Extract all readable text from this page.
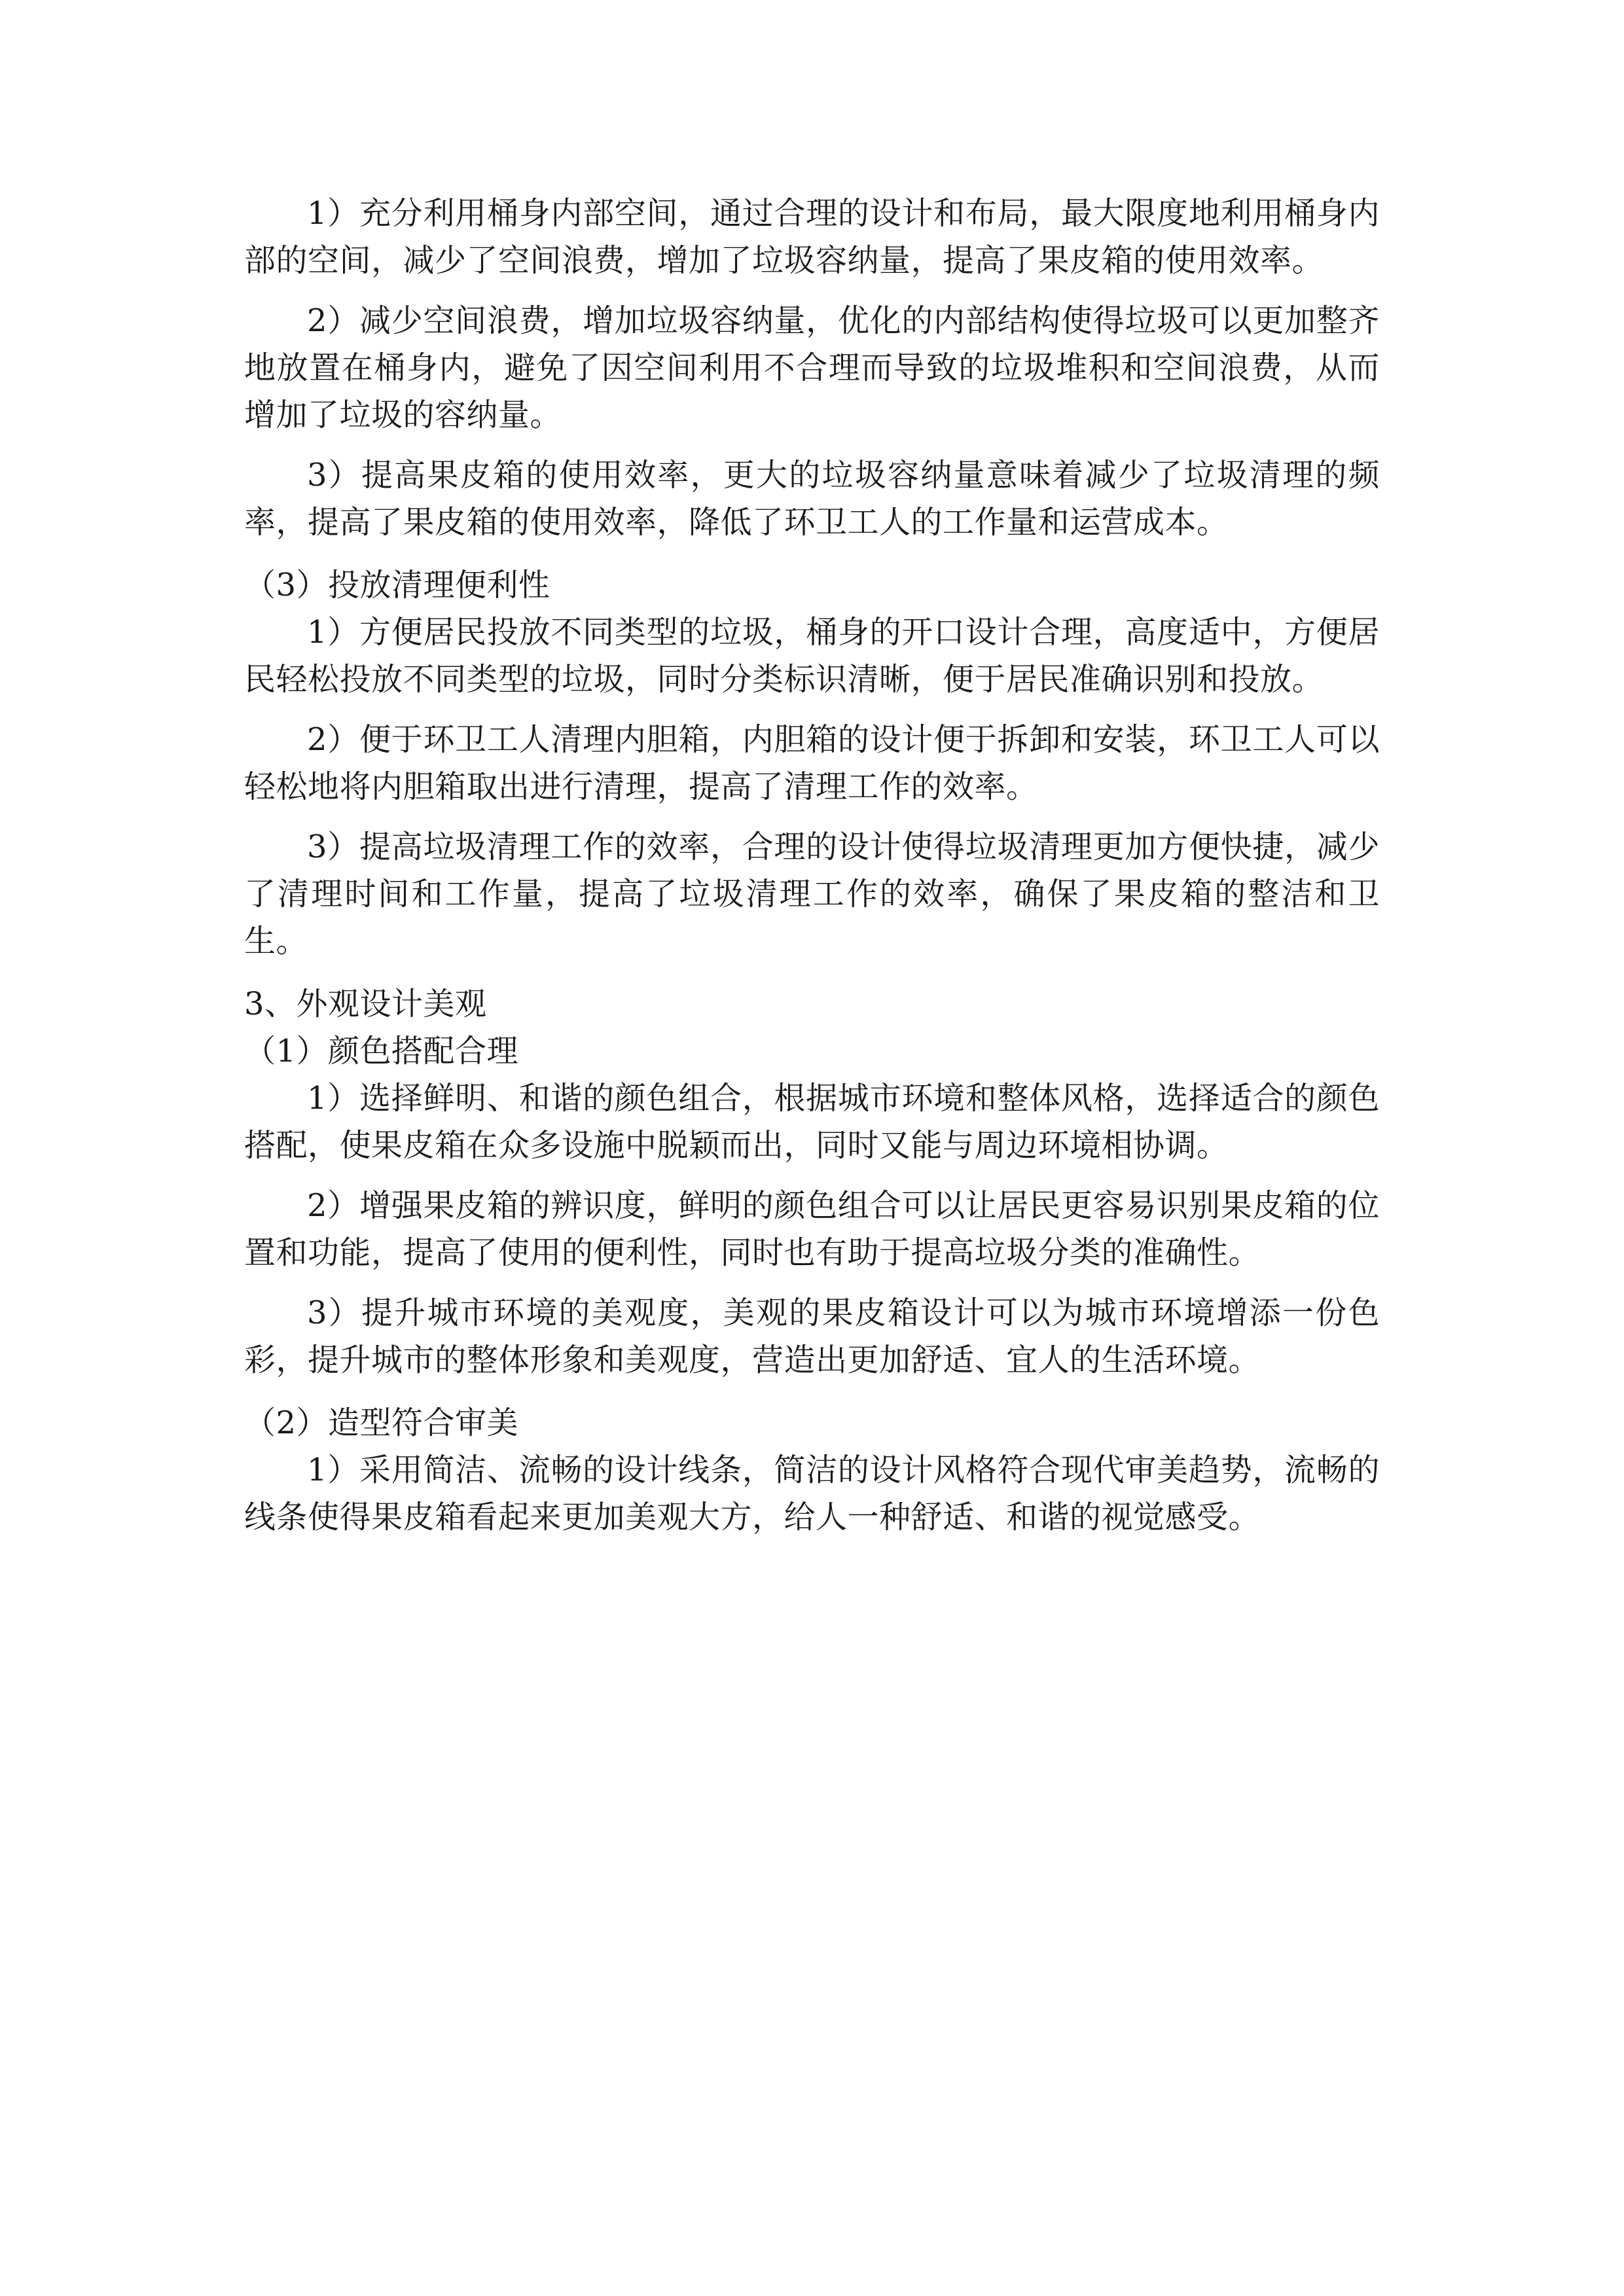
1）充分利用桶身内部空间，通过合理的设计和布局，最大限度地利用桶身内部的空间，减少了空间浪费，增加了垃圾容纳量，提高了果皮箱的使用效率。

2）减少空间浪费，增加垃圾容纳量，优化的内部结构使得垃圾可以更加整齐地放置在桶身内，避免了因空间利用不合理而导致的垃圾堆积和空间浪费，从而增加了垃圾的容纳量。

3）提高果皮箱的使用效率，更大的垃圾容纳量意味着减少了垃圾清理的频率，提高了果皮箱的使用效率，降低了环卫工人的工作量和运营成本。

（3）投放清理便利性

1）方便居民投放不同类型的垃圾，桶身的开口设计合理，高度适中，方便居民轻松投放不同类型的垃圾，同时分类标识清晰，便于居民准确识别和投放。

2）便于环卫工人清理内胆箱，内胆箱的设计便于拆卸和安装，环卫工人可以轻松地将内胆箱取出进行清理，提高了清理工作的效率。

3）提高垃圾清理工作的效率，合理的设计使得垃圾清理更加方便快捷，减少了清理时间和工作量，提高了垃圾清理工作的效率，确保了果皮箱的整洁和卫生。

3、外观设计美观

（1）颜色搭配合理

1）选择鲜明、和谐的颜色组合，根据城市环境和整体风格，选择适合的颜色搭配，使果皮箱在众多设施中脱颖而出，同时又能与周边环境相协调。

2）增强果皮箱的辨识度，鲜明的颜色组合可以让居民更容易识别果皮箱的位置和功能，提高了使用的便利性，同时也有助于提高垃圾分类的准确性。

3）提升城市环境的美观度，美观的果皮箱设计可以为城市环境增添一份色彩，提升城市的整体形象和美观度，营造出更加舒适、宜人的生活环境。

（2）造型符合审美

1）采用简洁、流畅的设计线条，简洁的设计风格符合现代审美趋势，流畅的线条使得果皮箱看起来更加美观大方，给人一种舒适、和谐的视觉感受。
